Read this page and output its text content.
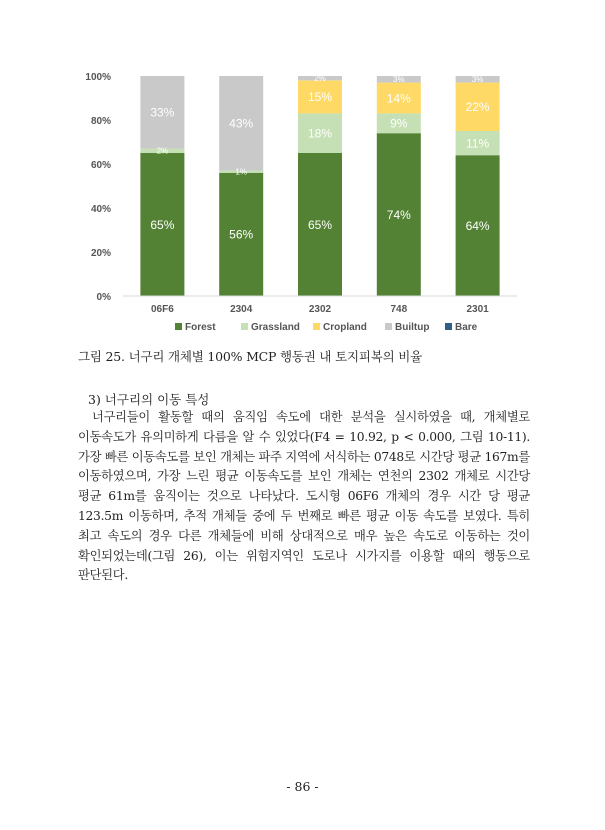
0%
20%
40%
60%
80%
100%
65%
2%
33%
56%
1%
43%
65%
18%
15%
2%
74%
9%
14%
3%
64%
11%
22%
3%
06F6	2304	2302	748	2301
Forest	Grassland Cropland	Builtup	Bare
그림 25. 너구리 개체별 100% MCP 행동권 내 토지피복의 비율
3) 너구리의 이동 특성
너구리들이 활동할 때의 움직임 속도에 대한 분석을 실시하였을 때, 개체별로 이동속도가 유의미하게 다름을 알 수 있었다(F4 = 10.92, p < 0.000, 그림 10-11). 가장 빠른 이동속도를 보인 개체는 파주 지역에 서식하는 0748로 시간당 평균 167m를 이동하였으며, 가장 느린 평균 이동속도를 보인 개체는 연천의 2302 개체로 시간당 평균 61m를 움직이는 것으로 나타났다. 도시형 06F6 개체의 경우 시간 당 평균 123.5m 이동하며, 추적 개체들 중에 두 번째로 빠른 평균 이동 속도를 보였다. 특히 최고 속도의 경우 다른 개체들에 비해 상대적으로 매우 높은 속도로 이동하는 것이 확인되었는데(그림 26), 이는 위험지역인 도로나 시가지를 이용할 때의 행동으로 판단된다.
- 86 -
